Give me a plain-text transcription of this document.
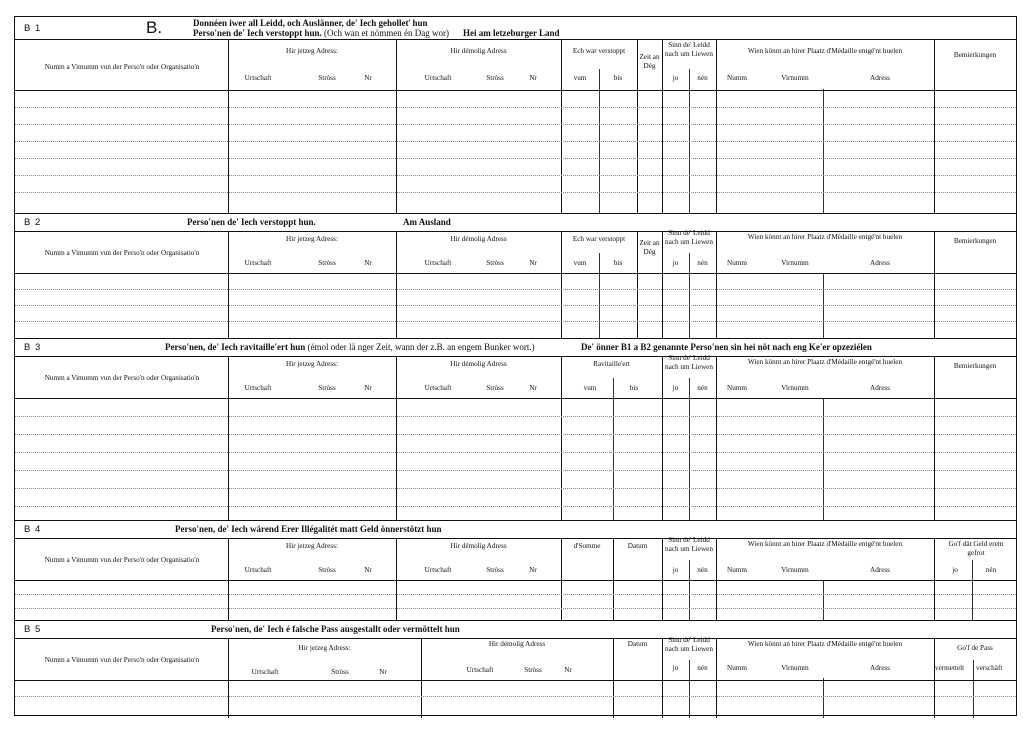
B 1	B.	Donnéen iwer all Leidd, och Auslänner, de' Iech geholleť hun
Perso'nen de' Iech verstoppt hun. (Och wan et nömmen én Dag wor) Hei am letzeburger Land
Numm a Vimumm vun der Perso'n oder Organisatio'n
Hir jetzeg Adress:
Urtschaft	Stròss	Nr
Hir démolig Adress
Urtschaft	Stròss	Nr
Ech war verstoppt
vum	bis
Zeit an Dég
Sinn de' Leidd nach um Liewen
jo	nén
Wien könnt an hirer Plaatz d'Médaille entgé'nt huelen
Numm	Virnumm	Adress
Bemierkungen
B 2	Perso'nen de' Iech verstoppt hun.	Am Ausland
Numm a Vimumm vun der Perso'n oder Organisatio'n
Hir jetzeg Adress:
Urtschaft	Stròss	Nr
Hir démolig Adress
Urtschaft	Stròss	Nr
Ech war verstoppt
vum	bis
Zeit an Dég
Sinn de' Leidd nach um Liewen
jo	nén
Wien könnt an hirer Plaatz d'Médaille entgé'nt huelen
Numm	Virnumm	Adress
Bemierkungen
B 3	Perso'nen, de' Iech ravitaille'ert hun (émol oder lä nger Zeit, wann der z.B. an engem Bunker wort.)	De' önner B1 a B2 genannte Perso'nen sin hei nöt nach eng Ke'er opzeziélen
Numm a Vimumm vun der Perso'n oder Organisatio'n
Hir jetzeg Adress:
Urtschaft	Stròss	Nr
Hir démolig Adress
Urtschaft	Stròss	Nr
Ravitaille'ert
vum	bis
Sinn de' Leidd nach um Liewen
jo	nén
Wien könnt an hirer Plaatz d'Médaille entgé'nt huelen
Numm	Virnumm	Adress
Bemierkungen
B 4	Perso'nen, de' Iech wärend Erer Illégalitét matt Geld önnerstötzt hun
Numm a Vimumm vun der Perso'n oder Organisatio'n
Hir jetzeg Adress:
Urtschaft	Stròss	Nr
Hir démolig Adress
Urtschaft	Stròss	Nr
d'Somme	Datum
Sinn de' Leidd nach um Liewen
jo	nén
Wien könnt an hirer Plaatz d'Médaille entgé'nt huelen
Numm	Virnumm	Adress
Go'f dät Geld erem gefrot
jo	nén
B 5	Perso'nen, de' Iech é falsche Pass ausgestallt oder vermöttelt hun
Numm a Vimumm vun der Perso'n oder Organisatio'n
Hir jetzeg Adress:
Urtschaft	Stròss	Nr
Hir démolig Adress
Urtschaft	Stròss	Nr
Datum	Sinn de' Leidd nach um Liewen
jo	nén
Wien könnt an hirer Plaatz d'Médaille entgé'nt huelen
Numm	Virnumm	Adress
Go'f de Pass
vermettelt	verschäft
